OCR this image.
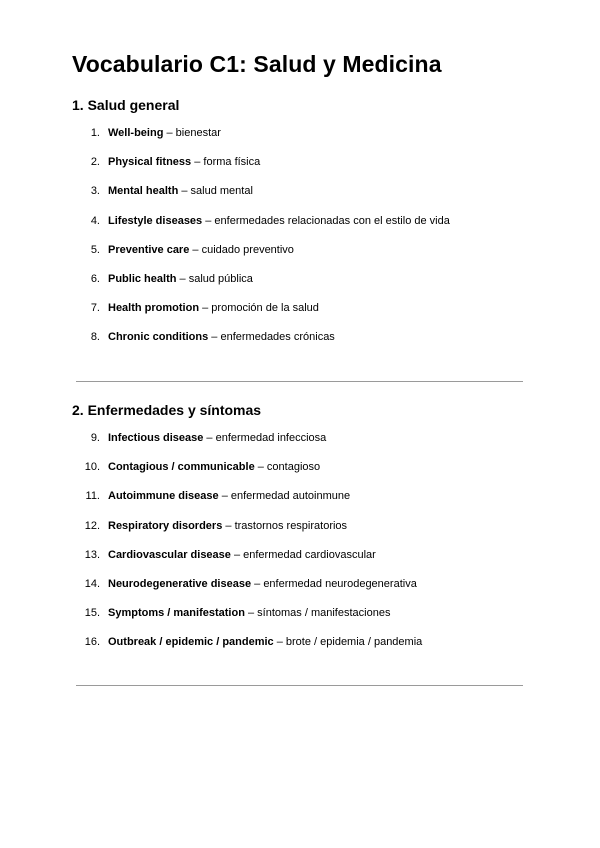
Vocabulario C1: Salud y Medicina
1. Salud general
1. Well-being – bienestar
2. Physical fitness – forma física
3. Mental health – salud mental
4. Lifestyle diseases – enfermedades relacionadas con el estilo de vida
5. Preventive care – cuidado preventivo
6. Public health – salud pública
7. Health promotion – promoción de la salud
8. Chronic conditions – enfermedades crónicas
2. Enfermedades y síntomas
9. Infectious disease – enfermedad infecciosa
10. Contagious / communicable – contagioso
11. Autoimmune disease – enfermedad autoinmune
12. Respiratory disorders – trastornos respiratorios
13. Cardiovascular disease – enfermedad cardiovascular
14. Neurodegenerative disease – enfermedad neurodegenerativa
15. Symptoms / manifestation – síntomas / manifestaciones
16. Outbreak / epidemic / pandemic – brote / epidemia / pandemia
